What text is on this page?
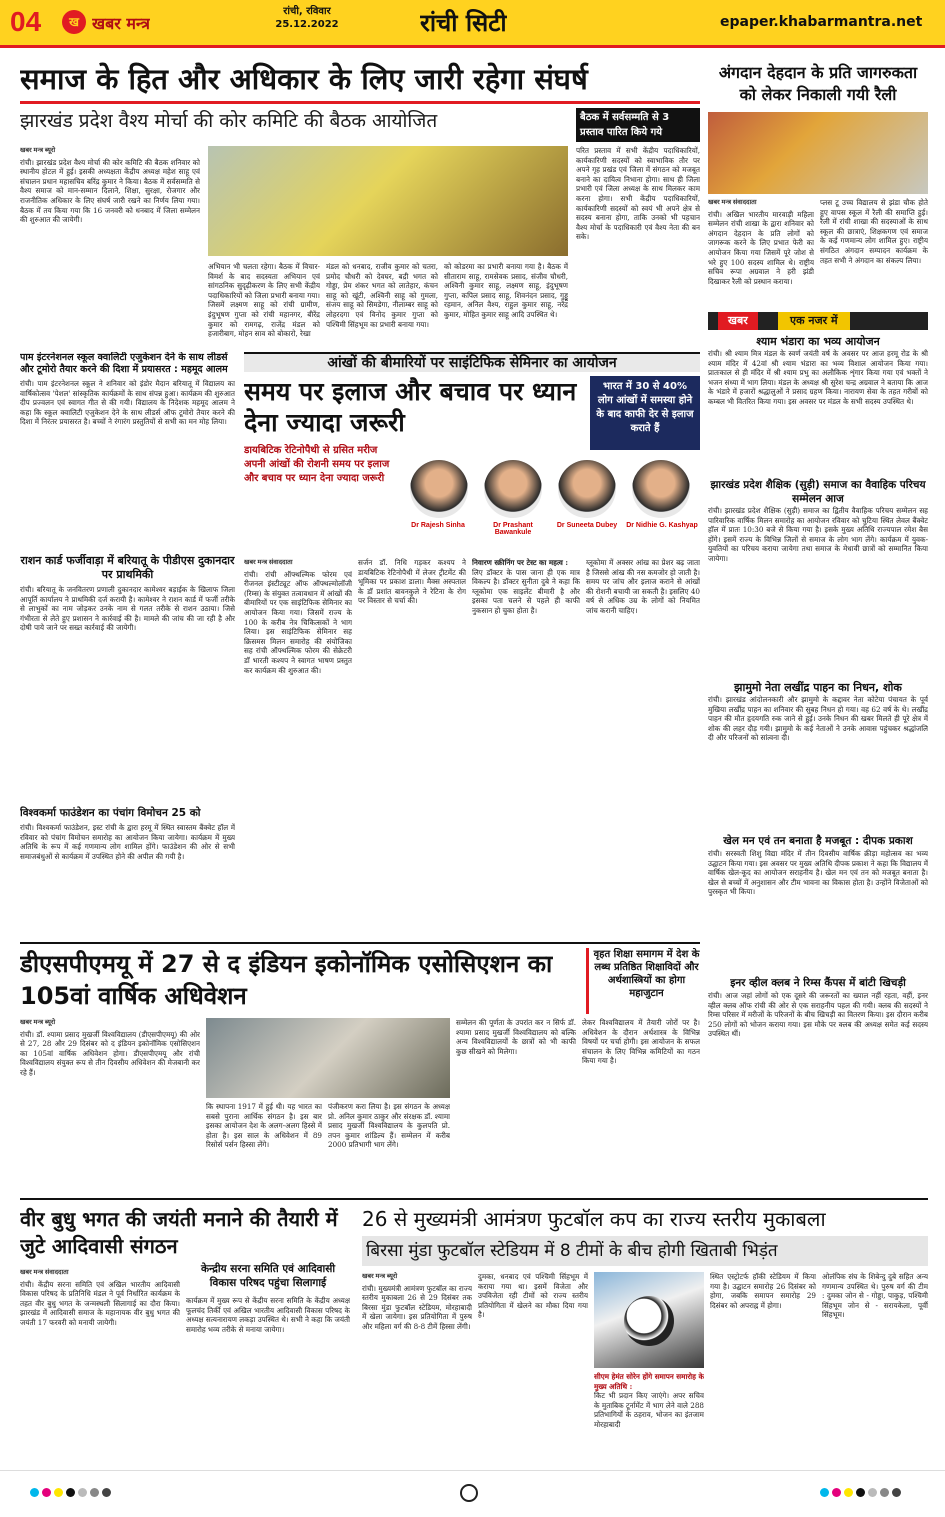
04	ख खबर मन्त्र
रांची, रविवार
25.12.2022	रांची सिटी	epaper.khabarmantra.net
समाज के हित और अधिकार के लिए जारी रहेगा संघर्ष
झारखंड प्रदेश वैश्य मोर्चा की कोर कमिटि की बैठक आयोजित	बैठक में सर्वसम्मति से 3 प्रस्ताव पारित किये गये
खबर मन्त्र ब्यूरो
रांची। झारखंड प्रदेश वैश्य मोर्चा की कोर कमिटि की बैठक शनिवार को स्थानीय होटल में हुई। इसकी अध्यक्षता केंद्रीय अध्यक्ष महेश साहू एवं संचालन प्रधान महासचिव बरिंद्र कुमार ने किया। बैठक में सर्वसम्मति से वैश्य समाज को मान-सम्मान दिलाने, शिक्षा, सुरक्षा, रोजगार और राजनीतिक अधिकार के लिए संघर्ष जारी रखने का निर्णय लिया गया। बैठक में तय किया गया कि 16 जनवरी को धनबाद में जिला सम्मेलन की शुरुआत की जायेगी।
अभियान भी चलता रहेगा। बैठक में विचार-विमर्श के बाद सदस्यता अभियान एवं सांगठनिक सुदृढ़ीकरण के लिए सभी केंद्रीय पदाधिकारियों को जिला प्रभारी बनाया गया। जिसमें लक्ष्मण साहू को रांची ग्रामीण, इंदुभूषण गुप्ता को रांची महानगर, बीरेंद्र कुमार को रामगढ़, राजेंद्र मंडल को हजारीबाग, मोहन साव को बोकारो, रेखा
मंडल को धनबाद, राजीव कुमार को चतरा, प्रमोद चौधरी को देवघर, बद्री भगत को गोड्डा, प्रेम शंकर भगत को लातेहार, कंचन साहू को खूंटी, अश्विनी साहू को गुमला, संजय साहू को सिमडेगा, नीलाम्बर साहू को लोहरदगा एवं विनोद कुमार गुप्ता को पश्चिमी सिंहभूम का प्रभारी बनाया गया।
को कोडरमा का प्रभारी बनाया गया है। बैठक में सीताराम साहू, रामसेवक प्रसाद, संजीव चौधरी, अश्विनी कुमार साहू, लक्ष्मण साहू, इंदुभूषण गुप्ता, कपिल प्रसाद साहू, शिवनंदन प्रसाद, गुड्डू रहमान, अनिल वैश्य, राहुल कुमार साहू, नरेंद्र कुमार, मोहित कुमार साहू आदि उपस्थित थे।
परित प्रस्ताव में सभी केंद्रीय पदाधिकारियों, कार्यकारिणी सदस्यों को स्वाभाविक तौर पर अपने गृह प्रखंड एवं जिला में संगठन को मजबूत बनाने का दायित्व निभाना होगा। साथ ही जिला प्रभारी एवं जिला अध्यक्ष के साथ मिलकर काम करना होगा। सभी केंद्रीय पदाधिकारियों, कार्यकारिणी सदस्यों को स्वयं भी अपने क्षेत्र से सदस्य बनाना होगा, ताकि उनको भी पहचान वैश्य मोर्चा के पदाधिकारी एवं वैश्य नेता की बन सके।
अंगदान देहदान के प्रति जागरुकता को लेकर निकाली गयी रैली
खबर मन्त्र संवाददाता
रांची। अखिल भारतीय मारवाड़ी महिला सम्मेलन रांची शाखा के द्वारा शनिवार को अंगदान देहदान के प्रति लोगों को जागरूक करने के लिए प्रभात फेरी का आयोजन किया गया जिसमें पूरे जोश से भरे हुए 100 सदस्य शामिल थे। राष्ट्रीय सचिव रूपा अग्रवाल ने हरी झंडी दिखाकर रैली को प्रस्थान कराया।
प्लस टू उच्च विद्यालय से झंडा चौक होते हुए वापस स्कूल में रैली की समाप्ति हुई। रैली में रांची शाखा की सदस्याओं के साथ स्कूल की छात्राएं, शिक्षकगण एवं समाज के कई गणमान्य लोग शामिल हुए। राष्ट्रीय संगठित अंगदान सम्पादन कार्यक्रम के तहत सभी ने अंगदान का संकल्प लिया।
खबर	एक नजर में
श्याम भंडारा का भव्य आयोजन
रांची। श्री श्याम मित्र मंडल के स्वर्ण जयंती वर्ष के अवसर पर आज हरमू रोड के श्री श्याम मंदिर में 42वां श्री श्याम भंडारा का भव्य विशाल आयोजन किया गया। प्रातःकाल से ही मंदिर में श्री श्याम प्रभु का अलौकिक शृंगार किया गया एवं भक्तों ने भजन संध्या में भाग लिया। मंडल के अध्यक्ष श्री सुरेश चन्द्र अग्रवाल ने बताया कि आज के भंडारे में हजारों श्रद्धालुओं ने प्रसाद ग्रहण किया। नारायण सेवा के तहत गरीबों को कम्बल भी वितरित किया गया। इस अवसर पर मंडल के सभी सदस्य उपस्थित थे।
झारखंड प्रदेश शैक्षिक (सुड़ी) समाज का वैवाहिक परिचय सम्मेलन आज
रांची। झारखंड प्रदेश शैक्षिक (सुड़ी) समाज का द्वितीय वैवाहिक परिचय सम्मेलन सह पारिवारिक वार्षिक मिलन समारोह का आयोजन रविवार को चुटिया स्थित लेवल बैंक्वेट हॉल में प्रातः 10:30 बजे से किया गया है। इसके मुख्य अतिथि राज्यपाल रमेश बैस होंगे। इसमें राज्य के विभिन्न जिलों से समाज के लोग भाग लेंगे। कार्यक्रम में युवक-युवतियों का परिचय कराया जायेगा तथा समाज के मेधावी छात्रों को सम्मानित किया जायेगा।
झामुमो नेता लखींद्र पाहन का निधन, शोक
रांची। झारखंड आंदोलनकारी और झामुमो के कद्दावर नेता कोटेया पंचायत के पूर्व मुखिया लखींद्र पाहन का शनिवार की सुबह निधन हो गया। वह 62 वर्ष के थे। लखींद्र पाहन की मौत हृदयगति रुक जाने से हुई। उनके निधन की खबर मिलते ही पूरे क्षेत्र में शोक की लहर दौड़ गयी। झामुमो के कई नेताओं ने उनके आवास पहुंचकर श्रद्धांजलि दी और परिजनों को सांत्वना दी।
खेल मन एवं तन बनाता है मजबूत : दीपक प्रकाश
रांची। सरस्वती शिशु विद्या मंदिर में तीन दिवसीय वार्षिक क्रीड़ा महोत्सव का भव्य उद्घाटन किया गया। इस अवसर पर मुख्य अतिथि दीपक प्रकाश ने कहा कि विद्यालय में वार्षिक खेल-कूद का आयोजन सराहनीय है। खेल मन एवं तन को मजबूत बनाता है। खेल से बच्चों में अनुशासन और टीम भावना का विकास होता है। उन्होंने विजेताओं को पुरस्कृत भी किया।
इनर व्हील क्लब ने रिम्स कैंपस में बांटी खिचड़ी
रांची। आज जहां लोगों को एक दूसरे की जरूरतों का ख्याल नहीं रहता, वहीं, इनर व्हील क्लब ऑफ रांची की ओर से एक सराहनीय पहल की गयी। क्लब की सदस्यों ने रिम्स परिसर में मरीजों के परिजनों के बीच खिचड़ी का वितरण किया। इस दौरान करीब 250 लोगों को भोजन कराया गया। इस मौके पर क्लब की अध्यक्ष समेत कई सदस्य उपस्थित थीं।
पाम इंटरनेशनल स्कूल क्वालिटी एजुकेशन देने के साथ लीडर्स और टूमोरो तैयार करने की दिशा में प्रयासरत : महमूद आलम
रांची। पाम इंटरनेशनल स्कूल ने शनिवार को इंडोर मैदान बरियातू में विद्यालय का वार्षिकोत्सव 'पेशल' सांस्कृतिक कार्यक्रमों के साथ संपन्न हुआ। कार्यक्रम की शुरुआत दीप प्रज्वलन एवं स्वागत गीत से की गयी। विद्यालय के निदेशक महमूद आलम ने कहा कि स्कूल क्वालिटी एजुकेशन देने के साथ लीडर्स ऑफ टूमोरो तैयार करने की दिशा में निरंतर प्रयासरत है। बच्चों ने रंगारंग प्रस्तुतियों से सभी का मन मोह लिया।
राशन कार्ड फर्जीवाड़ा में बरियातू के पीडीएस दुकानदार पर प्राथमिकी
रांची। बरियातू के जनवितरण प्रणाली दुकानदार कामेश्वर बड़ाईक के खिलाफ जिला आपूर्ति कार्यालय ने प्राथमिकी दर्ज करायी है। कामेश्वर ने राशन कार्ड में फर्जी तरीके से लाभुकों का नाम जोड़कर उनके नाम से गलत तरीके से राशन उठाया। जिसे गंभीरता से लेते हुए प्रशासन ने कार्रवाई की है। मामले की जांच की जा रही है और दोषी पाये जाने पर सख्त कार्रवाई की जायेगी।
विश्वकर्मा फाउंडेशन का पंचांग विमोचन 25 को
रांची। विश्वकर्मा फाउंडेशन, इस्ट रांची के द्वारा हरमू में स्थित स्वास्तम बैंक्वेट हॉल में रविवार को पंचांग विमोचन समारोह का आयोजन किया जायेगा। कार्यक्रम में मुख्य अतिथि के रूप में कई गणमान्य लोग शामिल होंगे। फाउंडेशन की ओर से सभी समाजबंधुओं से कार्यक्रम में उपस्थित होने की अपील की गयी है।
आंखों की बीमारियों पर साइंटिफिक सेमिनार का आयोजन
समय पर इलाज और बचाव पर ध्यान देना ज्यादा जरूरी
भारत में 30 से 40% लोग आंखों में समस्या होने के बाद काफी देर से इलाज कराते हैं
डायबिटिक रेटिनोपैथी से ग्रसित मरीज अपनी आंखों की रोशनी समय पर इलाज और बचाव पर ध्यान देना ज्यादा जरूरी
Dr Rajesh Sinha	Dr Prashant Bawankule
Dr Suneeta Dubey	Dr Nidhie G. Kashyap
खबर मन्त्र संवाददाता
रांची। रांची ऑफ्थल्मिक फोरम एवं रीजनल इंस्टीट्यूट ऑफ ऑफ्थल्मोलॉजी (रिम्स) के संयुक्त तत्वावधान में आंखों की बीमारियों पर एक साइंटिफिक सेमिनार का आयोजन किया गया। जिसमें राज्य के 100 के करीब नेत्र चिकित्सकों ने भाग लिया। इस साइंटिफिक सेमिनार सह क्रिसमस मिलन समारोह की संयोजिका सह रांची ऑफ्थल्मिक फोरम की सेक्रेटरी डॉ भारती कश्यप ने स्वागत भाषण प्रस्तुत कर कार्यक्रम की शुरुआत की।
सर्जन डॉ. निधि गड़कर कश्यप ने डायबिटिक रेटिनोपैथी में लेजर ट्रीटमेंट की भूमिका पर प्रकाश डाला। मैक्स अस्पताल के डॉ प्रशांत बावनकुले ने रेटिना के रोग पर विस्तार से चर्चा की।
निवारण स्क्रीनिंग पर टेस्ट का महत्व :
लिए डॉक्टर के पास जाना ही एक मात्र विकल्प है। डॉक्टर सुनीता दुबे ने कहा कि ग्लूकोमा एक साइलेंट बीमारी है और इसका पता चलने से पहले ही काफी नुकसान हो चुका होता है।
ग्लूकोमा में अक्सर आंख का प्रेशर बढ़ जाता है जिससे आंख की नस कमजोर हो जाती है। समय पर जांच और इलाज कराने से आंखों की रोशनी बचायी जा सकती है। इसलिए 40 वर्ष से अधिक उम्र के लोगों को नियमित जांच करानी चाहिए।
डीएसपीएमयू में 27 से द इंडियन इकोनॉमिक एसोसिएशन का 105वां वार्षिक अधिवेशन
वृहत शिक्षा समागम में देश के लब्ध प्रतिष्ठित शिक्षाविदों और अर्थशास्त्रियों का होगा महाजुटान
खबर मन्त्र ब्यूरो
रांची। डॉ. श्यामा प्रसाद मुखर्जी विश्वविद्यालय (डीएसपीएमयू) की ओर से 27, 28 और 29 दिसंबर को द इंडियन इकोनॉमिक एसोसिएशन का 105वां वार्षिक अधिवेशन होगा। डीएसपीएमयू और रांची विश्वविद्यालय संयुक्त रूप से तीन दिवसीय अधिवेशन की मेजबानी कर रहे हैं।
कि स्थापना 1917 में हुई थी। यह भारत का सबसे पुराना आर्थिक संगठन है। इस बार इसका आयोजन देश के अलग-अलग हिस्से में होता है। इस साल के अधिवेशन में 89 रिसोर्स पर्सन हिस्सा लेंगे।
पंजीकरण करा लिया है। इस संगठन के अध्यक्ष प्रो. अनिल कुमार ठाकुर और संरक्षक डॉ. श्यामा प्रसाद मुखर्जी विश्वविद्यालय के कुलपति प्रो. तपन कुमार शांडिल्य हैं। सम्मेलन में करीब 2000 प्रतिभागी भाग लेंगे।
सम्मेलन की पूर्णता के उपरांत कर न सिर्फ डॉ. श्यामा प्रसाद मुखर्जी विश्वविद्यालय को बल्कि अन्य विश्वविद्यालयों के छात्रों को भी काफी कुछ सीखने को मिलेगा।
लेकर विश्वविद्यालय में तैयारी जोरों पर है। अधिवेशन के दौरान अर्थशास्त्र के विभिन्न विषयों पर चर्चा होगी। इस आयोजन के सफल संचालन के लिए विभिन्न कमिटियों का गठन किया गया है।
वीर बुधु भगत की जयंती मनाने की तैयारी में जुटे आदिवासी संगठन
केन्द्रीय सरना समिति एवं आदिवासी विकास परिषद पहुंचा सिलागाई
खबर मन्त्र संवाददाता
रांची। केंद्रीय सरना समिति एवं अखिल भारतीय आदिवासी विकास परिषद के प्रतिनिधि मंडल ने पूर्व निर्धारित कार्यक्रम के तहत वीर बुधु भगत के जन्मस्थली सिलागाई का दौरा किया। झारखंड में आदिवासी समाज के महानायक वीर बुधु भगत की जयंती 17 फरवरी को मनायी जायेगी।
कार्यक्रम में मुख्य रूप से केंद्रीय सरना समिति के केंद्रीय अध्यक्ष फूलचंद तिर्की एवं अखिल भारतीय आदिवासी विकास परिषद के अध्यक्ष सत्यनारायण लकड़ा उपस्थित थे। सभी ने कहा कि जयंती समारोह भव्य तरीके से मनाया जायेगा।
26 से मुख्यमंत्री आमंत्रण फुटबॉल कप का राज्य स्तरीय मुकाबला
बिरसा मुंडा फुटबॉल स्टेडियम में 8 टीमों के बीच होगी खिताबी भिड़ंत
खबर मन्त्र ब्यूरो
रांची। मुख्यमंत्री आमंत्रण फुटबॉल का राज्य स्तरीय मुकाबला 26 से 29 दिसंबर तक बिरसा मुंडा फुटबॉल स्टेडियम, मोरहाबादी में खेला जायेगा। इस प्रतियोगिता में पुरुष और महिला वर्ग की 8-8 टीमें हिस्सा लेंगी।
दुमका, धनबाद एवं पश्चिमी सिंहभूम में कराया गया था। इसमें विजेता और उपविजेता रही टीमों को राज्य स्तरीय प्रतियोगिता में खेलने का मौका दिया गया है।
सीएम हेमंत सोरेन होंगे समापन समारोह के मुख्य अतिथि :
किट भी प्रदान किए जाएंगे। अपर सचिव के मुताबिक टूर्नामेंट में भाग लेने वाले 288 प्रतिभागियों के ठहराव, भोजन का इंतजाम मोरहाबादी
स्थित एस्ट्रोटर्फ हॉकी स्टेडियम में किया गया है। उद्घाटन समारोह 26 दिसंबर को होगा, जबकि समापन समारोह 29 दिसंबर को अपराह्न में होगा।
ओलंपिक संघ के शिबेन्दु दुबे सहित अन्य गणमान्य उपस्थित थे। पुरुष वर्ग की टीम : दुमका जोन से - गोड्डा, पाकुड़, पश्चिमी सिंहभूम जोन से - सरायकेला, पूर्वी सिंहभूम।
